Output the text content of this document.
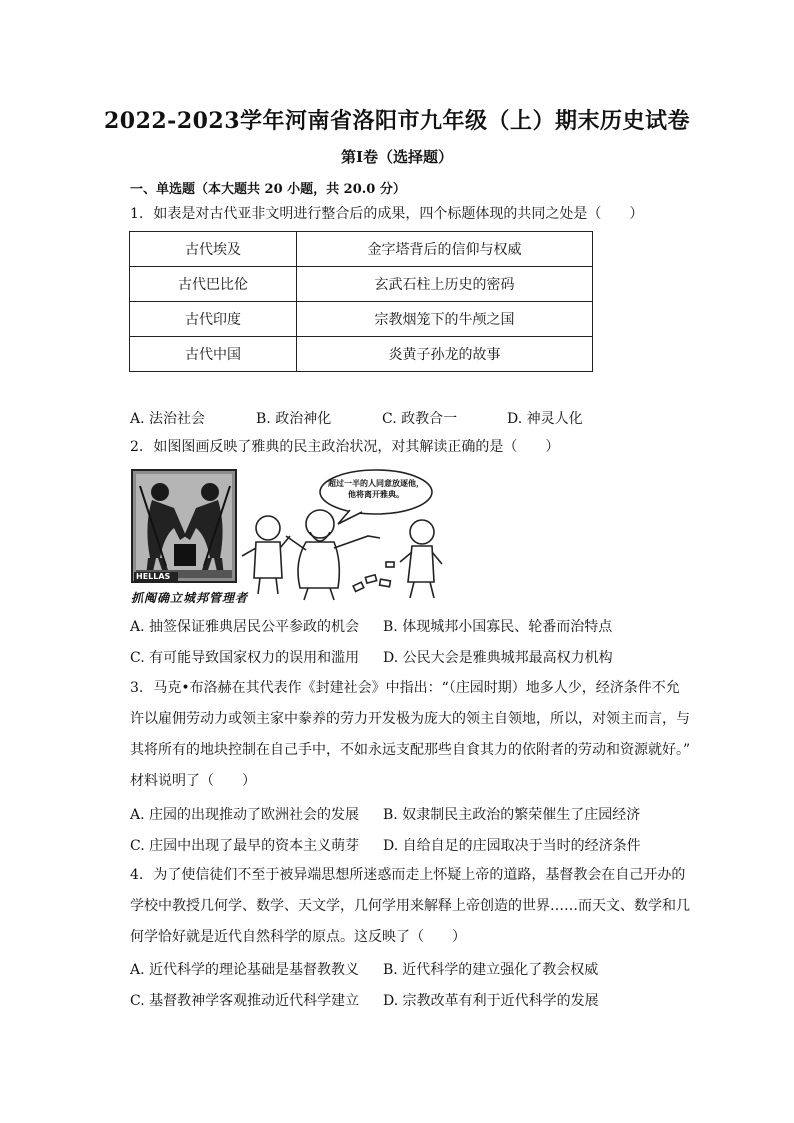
2022-2023学年河南省洛阳市九年级（上）期末历史试卷
第Ⅰ卷（选择题）
一、单选题（本大题共 20 小题，共 20.0 分）
1. 如表是对古代亚非文明进行整合后的成果，四个标题体现的共同之处是（　　）
古代埃及	金字塔背后的信仰与权威
古代巴比伦	玄武石柱上历史的密码
古代印度	宗教烟笼下的牛颅之国
古代中国	炎黄子孙龙的故事
A. 法治社会	B. 政治神化	C. 政教合一	D. 神灵人化
2. 如图图画反映了雅典的民主政治状况，对其解读正确的是（　　）
超过一半的人同意放逐他，他将离开雅典。
HELLAS
抓阄确立城邦管理者
A. 抽签保证雅典居民公平参政的机会 B. 体现城邦小国寡民、轮番而治特点
C. 有可能导致国家权力的误用和滥用 D. 公民大会是雅典城邦最高权力机构
3. 马克•布洛赫在其代表作《封建社会》中指出：“（庄园时期）地多人少，经济条件不允
许以雇佣劳动力或领主家中豢养的劳力开发极为庞大的领主自领地，所以，对领主而言，与
其将所有的地块控制在自己手中，不如永远支配那些自食其力的依附者的劳动和资源就好。”
材料说明了（　　）
A. 庄园的出现推动了欧洲社会的发展 B. 奴隶制民主政治的繁荣催生了庄园经济
C. 庄园中出现了最早的资本主义萌芽 D. 自给自足的庄园取决于当时的经济条件
4. 为了使信徒们不至于被异端思想所迷惑而走上怀疑上帝的道路，基督教会在自己开办的
学校中教授几何学、数学、天文学，几何学用来解释上帝创造的世界……而天文、数学和几
何学恰好就是近代自然科学的原点。这反映了（　　）
A. 近代科学的理论基础是基督教教义 B. 近代科学的建立强化了教会权威
C. 基督教神学客观推动近代科学建立 D. 宗教改革有利于近代科学的发展
